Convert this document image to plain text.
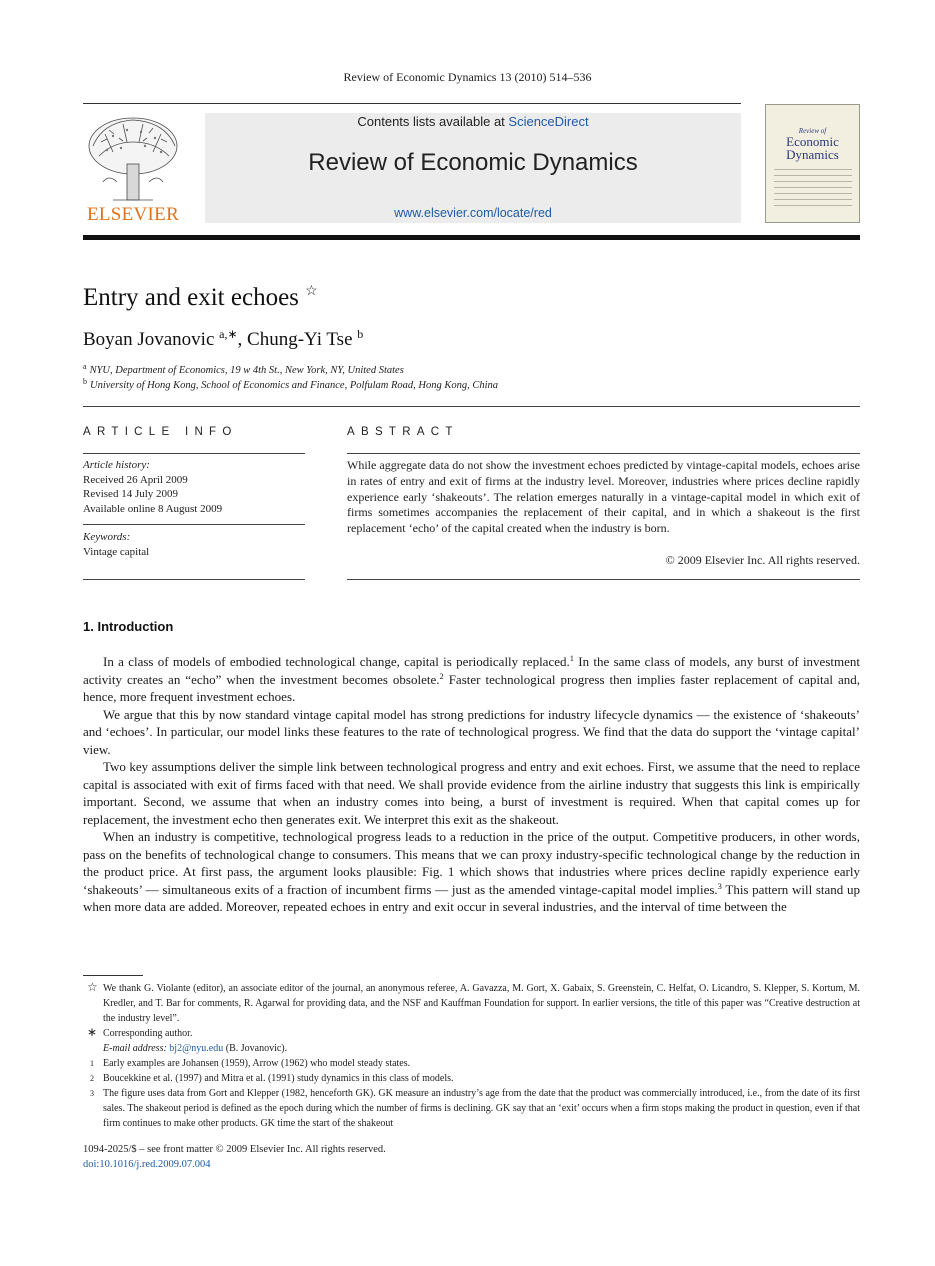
Review of Economic Dynamics 13 (2010) 514–536
ELSEVIER
Contents lists available at ScienceDirect
Review of Economic Dynamics
www.elsevier.com/locate/red
Review of
Economic
Dynamics
Entry and exit echoes ☆
Boyan Jovanovic $^{a,∗}$, Chung-Yi Tse $^b$
$^a$ NYU, Department of Economics, 19 w 4th St., New York, NY, United States
$^b$ University of Hong Kong, School of Economics and Finance, Polfulam Road, Hong Kong, China
ARTICLE INFO
Article history:
Received 26 April 2009
Revised 14 July 2009
Available online 8 August 2009
Keywords:
Vintage capital
ABSTRACT
While aggregate data do not show the investment echoes predicted by vintage-capital models, echoes arise in rates of entry and exit of firms at the industry level. Moreover, industries where prices decline rapidly experience early ‘shakeouts’. The relation emerges naturally in a vintage-capital model in which exit of firms sometimes accompanies the replacement of their capital, and in which a shakeout is the first replacement ‘echo’ of the capital created when the industry is born.
© 2009 Elsevier Inc. All rights reserved.
1. Introduction

In a class of models of embodied technological change, capital is periodically replaced.$^1$ In the same class of models, any burst of investment activity creates an “echo” when the investment becomes obsolete.$^2$ Faster technological progress then implies faster replacement of capital and, hence, more frequent investment echoes.

We argue that this by now standard vintage capital model has strong predictions for industry lifecycle dynamics — the existence of ‘shakeouts’ and ‘echoes’. In particular, our model links these features to the rate of technological progress. We find that the data do support the ‘vintage capital’ view.

Two key assumptions deliver the simple link between technological progress and entry and exit echoes. First, we assume that the need to replace capital is associated with exit of firms faced with that need. We shall provide evidence from the airline industry that suggests this link is empirically important. Second, we assume that when an industry comes into being, a burst of investment is required. When that capital comes up for replacement, the investment echo then generates exit. We interpret this exit as the shakeout.

When an industry is competitive, technological progress leads to a reduction in the price of the output. Competitive producers, in other words, pass on the benefits of technological change to consumers. This means that we can proxy industry-specific technological change by the reduction in the product price. At first pass, the argument looks plausible: Fig. 1 which shows that industries where prices decline rapidly experience early ‘shakeouts’ — simultaneous exits of a fraction of incumbent firms — just as the amended vintage-capital model implies.$^3$ This pattern will stand up when more data are added. Moreover, repeated echoes in entry and exit occur in several industries, and the interval of time between the

☆ We thank G. Violante (editor), an associate editor of the journal, an anonymous referee, A. Gavazza, M. Gort, X. Gabaix, S. Greenstein, C. Helfat, O. Licandro, S. Klepper, S. Kortum, M. Kredler, and T. Bar for comments, R. Agarwal for providing data, and the NSF and Kauffman Foundation for support. In earlier versions, the title of this paper was “Creative destruction at the industry level”.
∗ Corresponding author.
E-mail address: bj2@nyu.edu (B. Jovanovic).
1 Early examples are Johansen (1959), Arrow (1962) who model steady states.
2 Boucekkine et al. (1997) and Mitra et al. (1991) study dynamics in this class of models.
3 The figure uses data from Gort and Klepper (1982, henceforth GK). GK measure an industry’s age from the date that the product was commercially introduced, i.e., from the date of its first sales. The shakeout period is defined as the epoch during which the number of firms is declining. GK say that an ‘exit’ occurs when a firm stops making the product in question, even if that firm continues to make other products. GK time the start of the shakeout
1094-2025/$ – see front matter © 2009 Elsevier Inc. All rights reserved.
doi:10.1016/j.red.2009.07.004
